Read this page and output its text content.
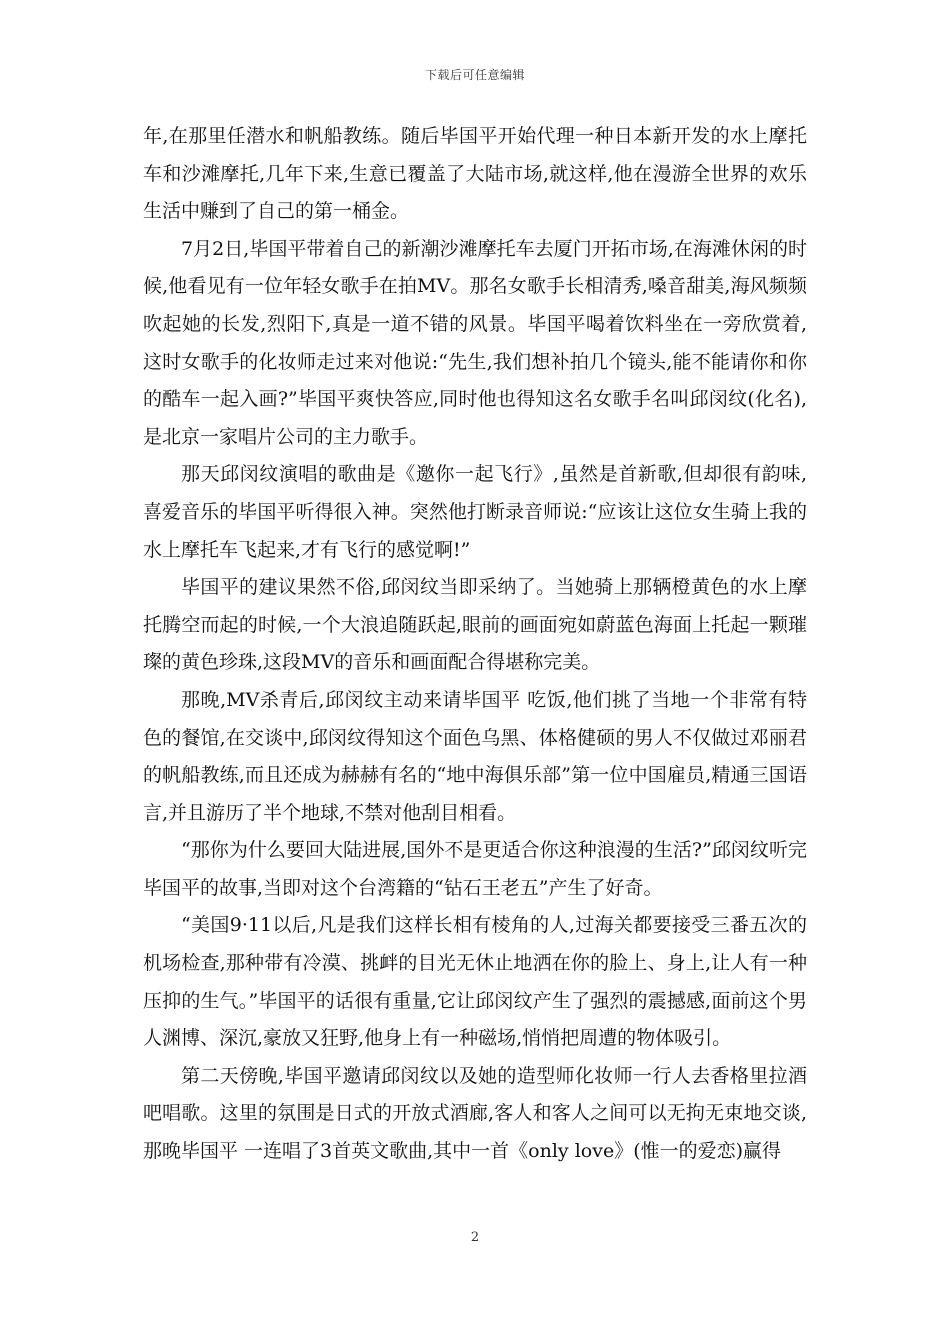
下载后可任意编辑

年,在那里任潜水和帆船教练。随后毕国平开始代理一种日本新开发的水上摩托车和沙滩摩托,几年下来,生意已覆盖了大陆市场,就这样,他在漫游全世界的欢乐生活中赚到了自己的第一桶金。

7月2日,毕国平带着自己的新潮沙滩摩托车去厦门开拓市场,在海滩休闲的时候,他看见有一位年轻女歌手在拍MV。那名女歌手长相清秀,嗓音甜美,海风频频吹起她的长发,烈阳下,真是一道不错的风景。毕国平喝着饮料坐在一旁欣赏着,这时女歌手的化妆师走过来对他说:“先生,我们想补拍几个镜头,能不能请你和你的酷车一起入画?”毕国平爽快答应,同时他也得知这名女歌手名叫邱闵纹(化名),是北京一家唱片公司的主力歌手。

那天邱闵纹演唱的歌曲是《邀你一起飞行》,虽然是首新歌,但却很有韵味,喜爱音乐的毕国平听得很入神。突然他打断录音师说:“应该让这位女生骑上我的水上摩托车飞起来,才有飞行的感觉啊!”

毕国平的建议果然不俗,邱闵纹当即采纳了。当她骑上那辆橙黄色的水上摩托腾空而起的时候,一个大浪追随跃起,眼前的画面宛如蔚蓝色海面上托起一颗璀璨的黄色珍珠,这段MV的音乐和画面配合得堪称完美。

那晚,MV杀青后,邱闵纹主动来请毕国平 吃饭,他们挑了当地一个非常有特色的餐馆,在交谈中,邱闵纹得知这个面色乌黑、体格健硕的男人不仅做过邓丽君的帆船教练,而且还成为赫赫有名的“地中海俱乐部”第一位中国雇员,精通三国语言,并且游历了半个地球,不禁对他刮目相看。

“那你为什么要回大陆进展,国外不是更适合你这种浪漫的生活?”邱闵纹听完毕国平的故事,当即对这个台湾籍的“钻石王老五”产生了好奇。

“美国9·11以后,凡是我们这样长相有棱角的人,过海关都要接受三番五次的机场检查,那种带有冷漠、挑衅的目光无休止地洒在你的脸上、身上,让人有一种压抑的生气。”毕国平的话很有重量,它让邱闵纹产生了强烈的震撼感,面前这个男人渊博、深沉,豪放又狂野,他身上有一种磁场,悄悄把周遭的物体吸引。

第二天傍晚,毕国平邀请邱闵纹以及她的造型师化妆师一行人去香格里拉酒吧唱歌。这里的氛围是日式的开放式酒廊,客人和客人之间可以无拘无束地交谈,那晚毕国平 一连唱了3首英文歌曲,其中一首《only love》(惟一的爱恋)赢得

2
